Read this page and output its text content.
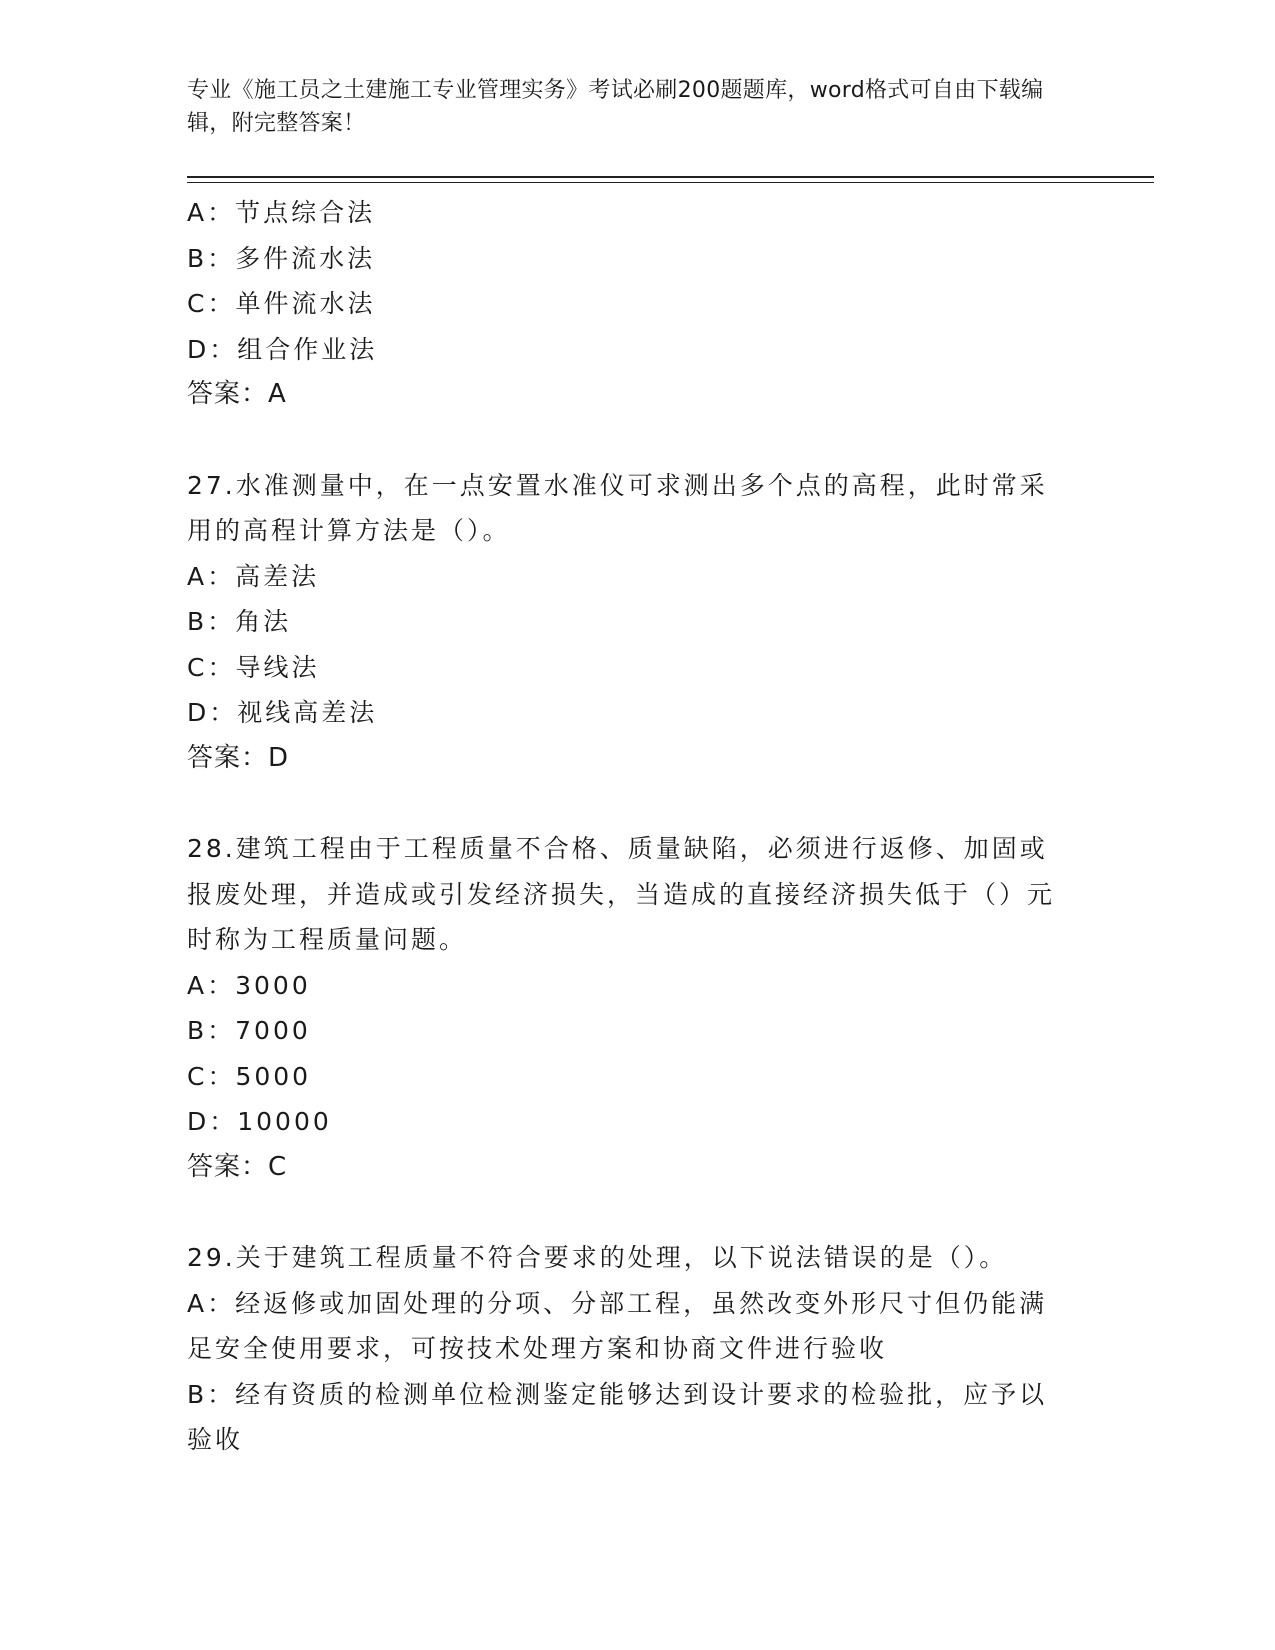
专业《施工员之土建施工专业管理实务》考试必刷200题题库，word格式可自由下载编辑，附完整答案！
A：节点综合法
B：多件流水法
C：单件流水法
D：组合作业法
答案：A
27.水准测量中，在一点安置水准仪可求测出多个点的高程，此时常采用的高程计算方法是（）。
A：高差法
B：角法
C：导线法
D：视线高差法
答案：D
28.建筑工程由于工程质量不合格、质量缺陷，必须进行返修、加固或报废处理，并造成或引发经济损失，当造成的直接经济损失低于（）元时称为工程质量问题。
A：3000
B：7000
C：5000
D：10000
答案：C
29.关于建筑工程质量不符合要求的处理，以下说法错误的是（）。
A：经返修或加固处理的分项、分部工程，虽然改变外形尺寸但仍能满足安全使用要求，可按技术处理方案和协商文件进行验收
B：经有资质的检测单位检测鉴定能够达到设计要求的检验批，应予以验收
